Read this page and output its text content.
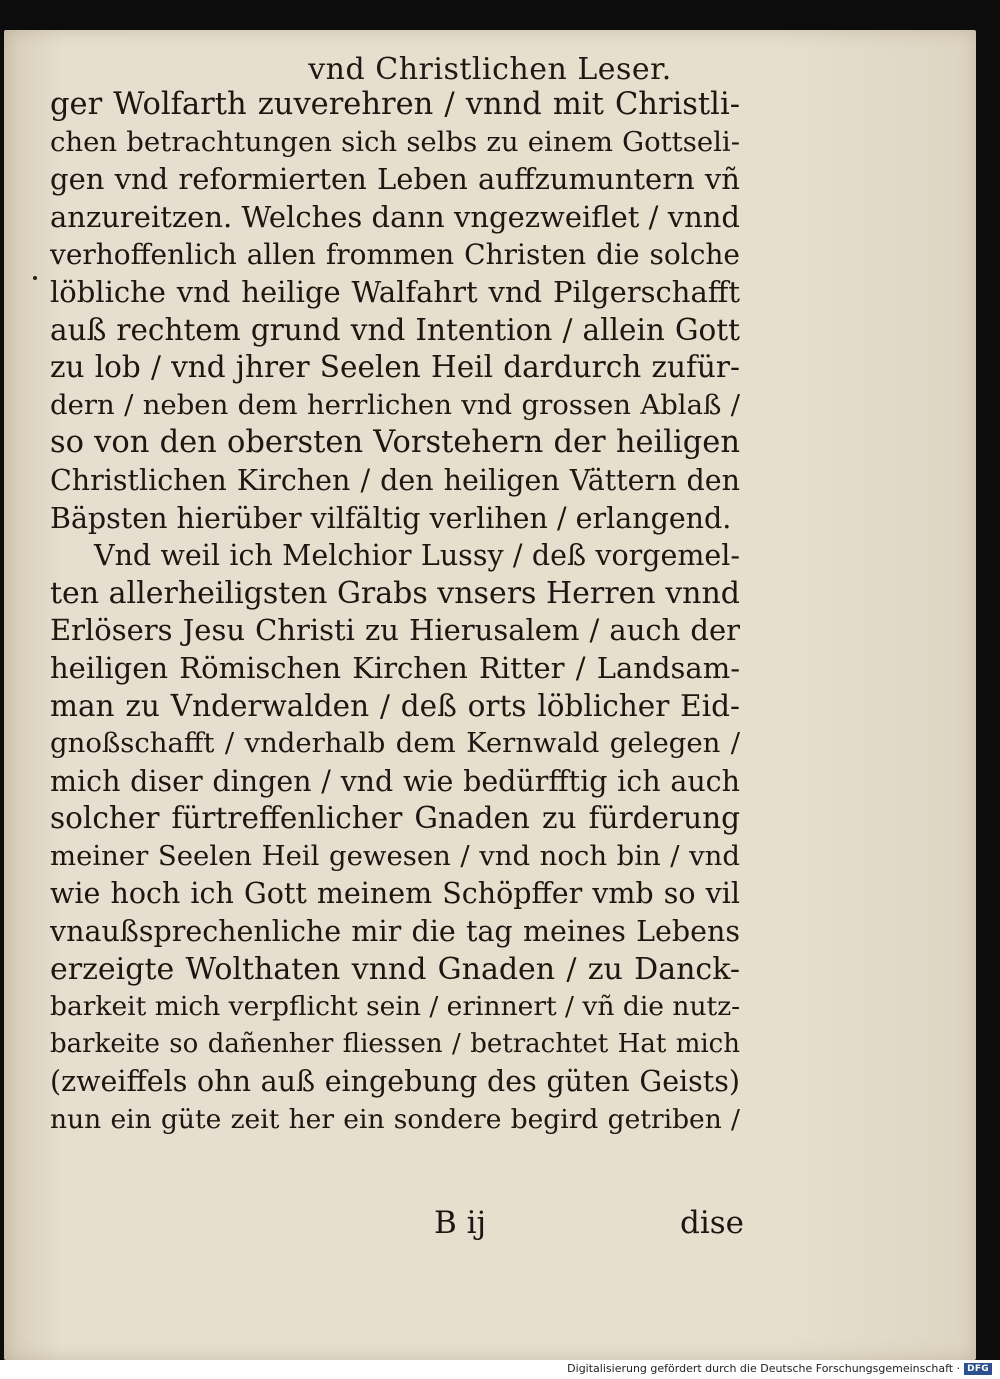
vnd Christlichen Leser.
ger Wolfarth zuverehren / vnnd mit Christli-
chen betrachtungen sich selbs zu einem Gottseli-
gen vnd reformierten Leben auffzumuntern vñ
anzureitzen. Welches dann vngezweiflet / vnnd
verhoffenlich allen frommen Christen die solche
löbliche vnd heilige Walfahrt vnd Pilgerschafft
auß rechtem grund vnd Intention / allein Gott
zu lob / vnd jhrer Seelen Heil dardurch zufür-
dern / neben dem herrlichen vnd grossen Ablaß /
so von den obersten Vorstehern der heiligen
Christlichen Kirchen / den heiligen Vättern den
Bäpsten hierüber vilfältig verlihen / erlangend.
Vnd weil ich Melchior Lussy / deß vorgemel-
ten allerheiligsten Grabs vnsers Herren vnnd
Erlösers Jesu Christi zu Hierusalem / auch der
heiligen Römischen Kirchen Ritter / Landsam-
man zu Vnderwalden / deß orts löblicher Eid-
gnoßschafft / vnderhalb dem Kernwald gelegen /
mich diser dingen / vnd wie bedürfftig ich auch
solcher fürtreffenlicher Gnaden zu fürderung
meiner Seelen Heil gewesen / vnd noch bin / vnd
wie hoch ich Gott meinem Schöpffer vmb so vil
vnaußsprechenliche mir die tag meines Lebens
erzeigte Wolthaten vnnd Gnaden / zu Danck-
barkeit mich verpflicht sein / erinnert / vñ die nutz-
barkeite so dañenher fliessen / betrachtet Hat mich
(zweiffels ohn auß eingebung des güten Geists)
nun ein güte zeit her ein sondere begird getriben /
B ij	dise
Digitalisierung gefördert durch die Deutsche Forschungsgemeinschaft · DFG
